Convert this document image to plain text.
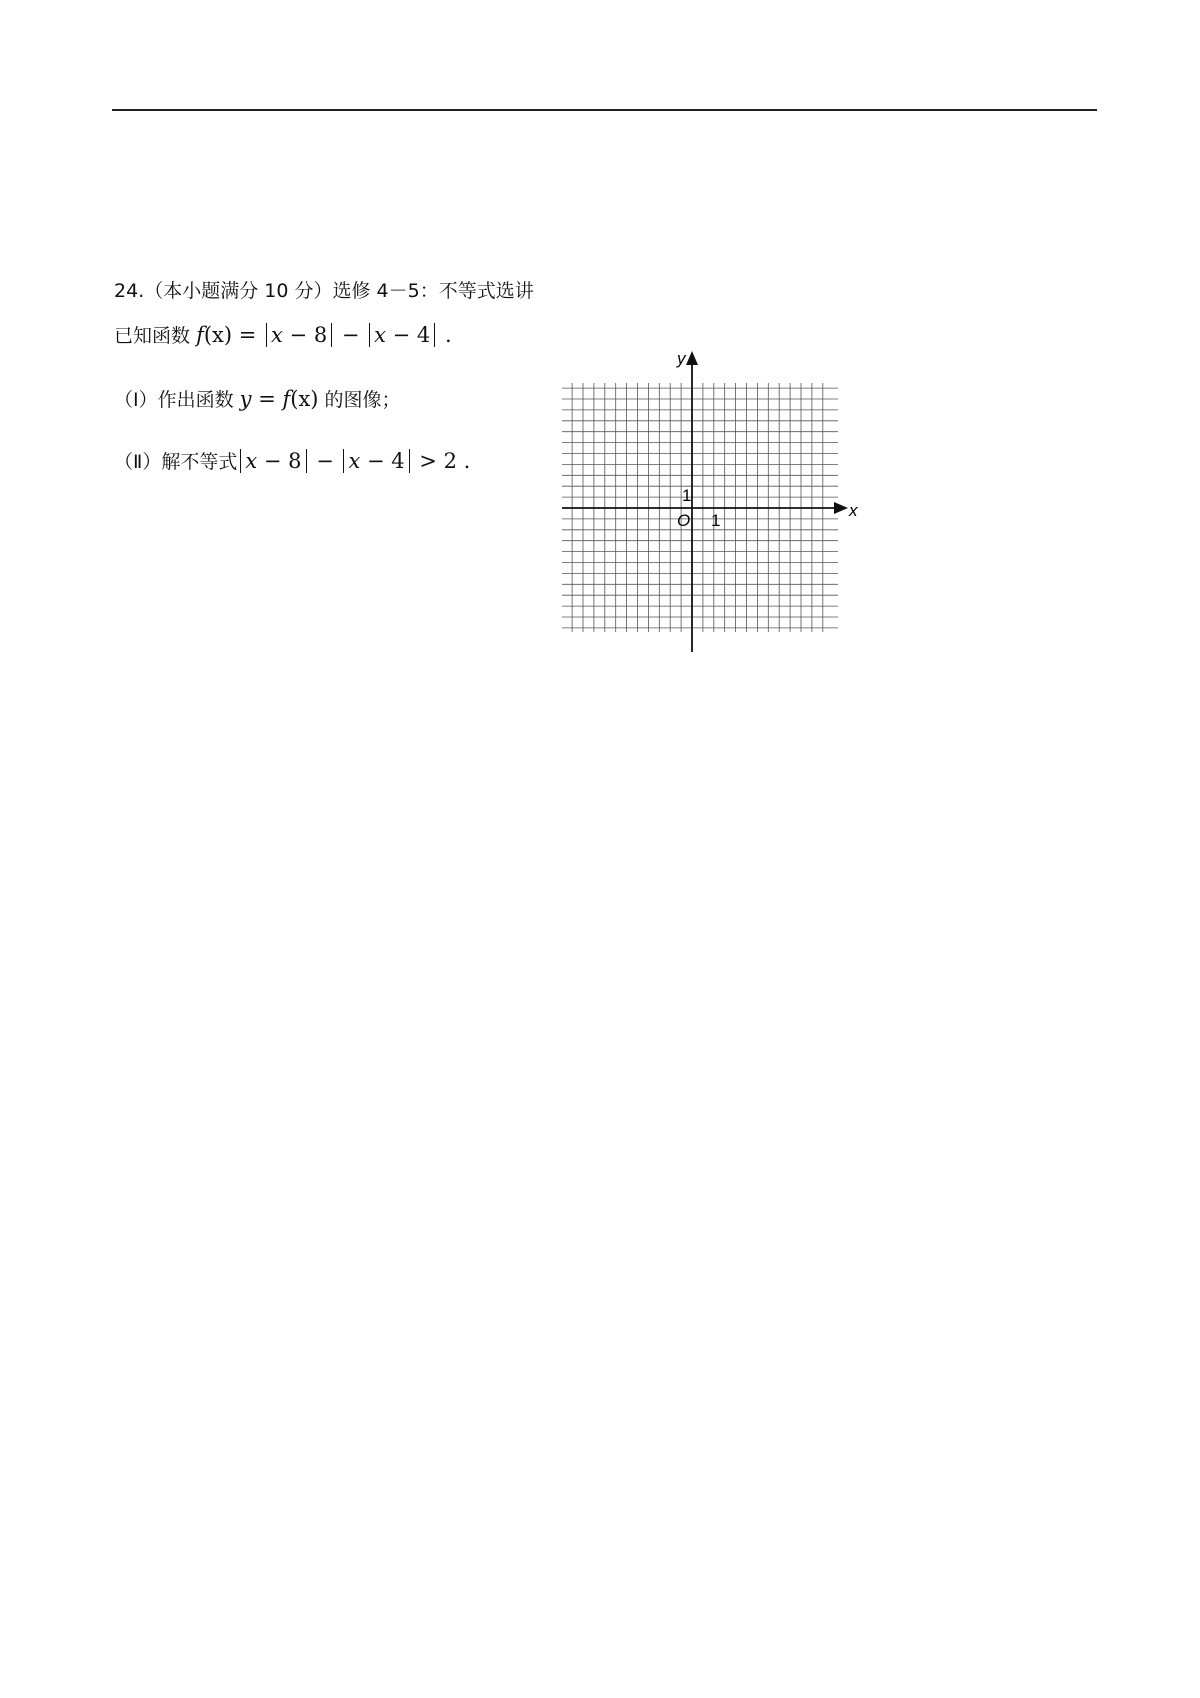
24.（本小题满分 10 分）选修 4－5：不等式选讲
已知函数 f(x) = x − 8 − x − 4 .
（Ⅰ）作出函数 y = f(x) 的图像；
（Ⅱ）解不等式 x − 8 − x − 4 > 2 .
x
y
O 1
1
